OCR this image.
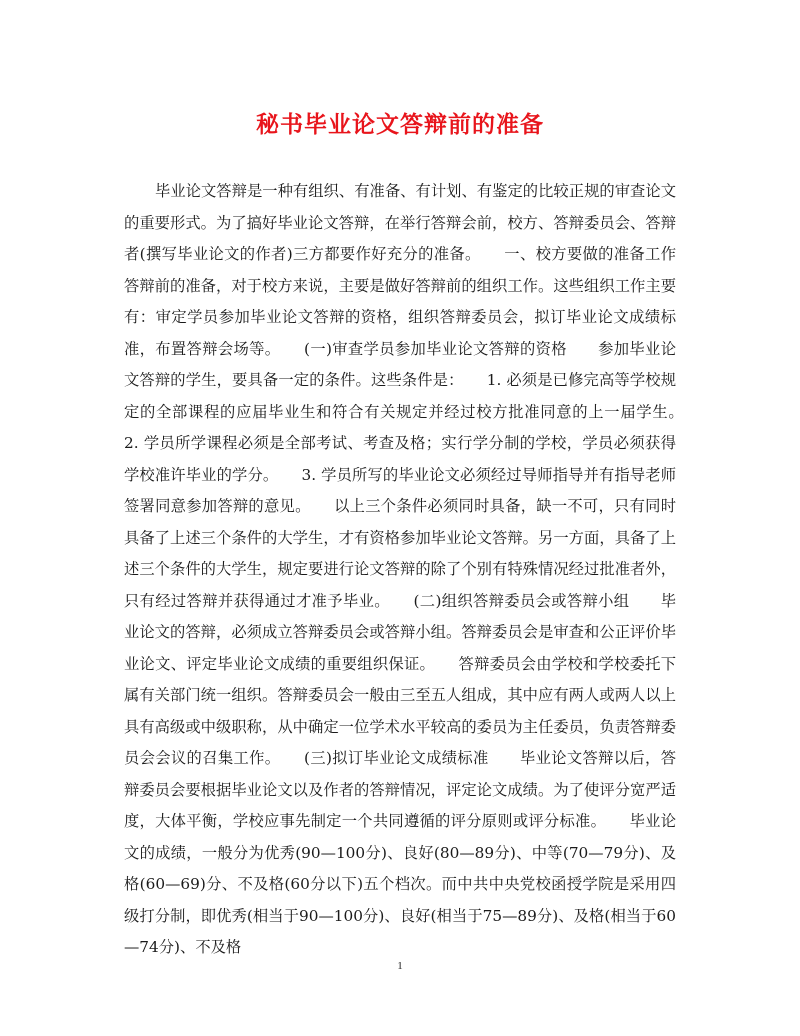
秘书毕业论文答辩前的准备

毕业论文答辩是一种有组织、有准备、有计划、有鉴定的比较正规的审查论文的重要形式。为了搞好毕业论文答辩，在举行答辩会前，校方、答辩委员会、答辩者(撰写毕业论文的作者)三方都要作好充分的准备。　　一、校方要做的准备工作　　答辩前的准备，对于校方来说，主要是做好答辩前的组织工作。这些组织工作主要有：审定学员参加毕业论文答辩的资格，组织答辩委员会，拟订毕业论文成绩标准，布置答辩会场等。　　(一)审查学员参加毕业论文答辩的资格　　参加毕业论文答辩的学生，要具备一定的条件。这些条件是：　　1. 必须是已修完高等学校规定的全部课程的应届毕业生和符合有关规定并经过校方批准同意的上一届学生。　　2. 学员所学课程必须是全部考试、考查及格；实行学分制的学校，学员必须获得学校准许毕业的学分。　　3. 学员所写的毕业论文必须经过导师指导并有指导老师签署同意参加答辩的意见。　　以上三个条件必须同时具备，缺一不可，只有同时具备了上述三个条件的大学生，才有资格参加毕业论文答辩。另一方面，具备了上述三个条件的大学生，规定要进行论文答辩的除了个别有特殊情况经过批准者外，只有经过答辩并获得通过才准予毕业。　　(二)组织答辩委员会或答辩小组　　毕业论文的答辩，必须成立答辩委员会或答辩小组。答辩委员会是审查和公正评价毕业论文、评定毕业论文成绩的重要组织保证。　　答辩委员会由学校和学校委托下属有关部门统一组织。答辩委员会一般由三至五人组成，其中应有两人或两人以上具有高级或中级职称，从中确定一位学术水平较高的委员为主任委员，负责答辩委员会会议的召集工作。　　(三)拟订毕业论文成绩标准　　毕业论文答辩以后，答辩委员会要根据毕业论文以及作者的答辩情况，评定论文成绩。为了使评分宽严适度，大体平衡，学校应事先制定一个共同遵循的评分原则或评分标准。　　毕业论文的成绩，一般分为优秀(90—100分)、良好(80—89分)、中等(70—79分)、及格(60—69)分、不及格(60分以下)五个档次。而中共中央党校函授学院是采用四级打分制，即优秀(相当于90—100分)、良好(相当于75—89分)、及格(相当于60—74分)、不及格

1
